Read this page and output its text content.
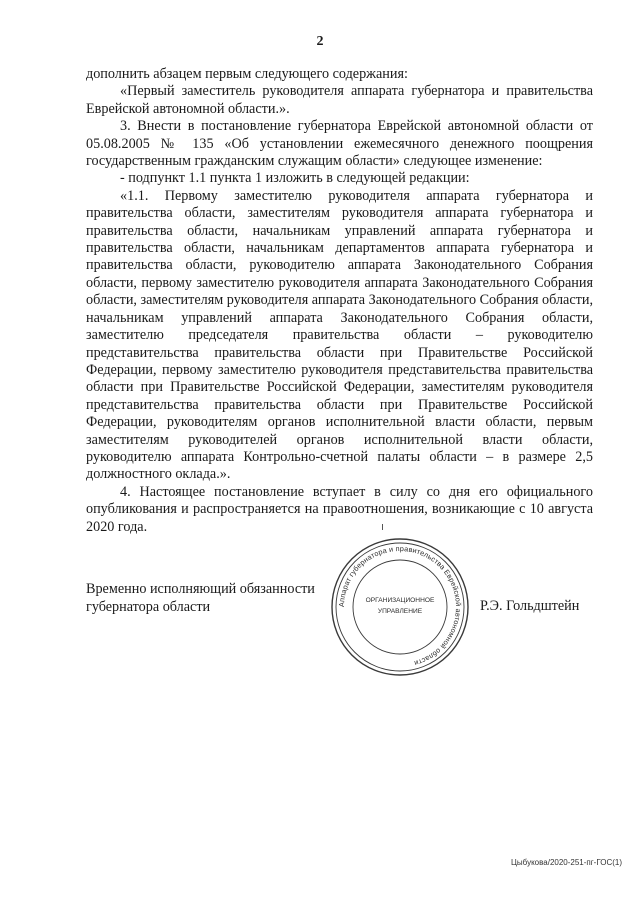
2

дополнить абзацем первым следующего содержания:

«Первый заместитель руководителя аппарата губернатора и правительства Еврейской автономной области.».

3. Внести в постановление губернатора Еврейской автономной области от 05.08.2005 № 135 «Об установлении ежемесячного денежного поощрения государственным гражданским служащим области» следующее изменение:

- подпункт 1.1 пункта 1 изложить в следующей редакции:

«1.1. Первому заместителю руководителя аппарата губернатора и правительства области, заместителям руководителя аппарата губернатора и правительства области, начальникам управлений аппарата губернатора и правительства области, начальникам департаментов аппарата губернатора и правительства области, руководителю аппарата Законодательного Собрания области, первому заместителю руководителя аппарата Законодательного Собрания области, заместителям руководителя аппарата Законодательного Собрания области, начальникам управлений аппарата Законодательного Собрания области, заместителю председателя правительства области – руководителю представительства правительства области при Правительстве Российской Федерации, первому заместителю руководителя представительства правительства области при Правительстве Российской Федерации, заместителям руководителя представительства правительства области при Правительстве Российской Федерации, руководителям органов исполнительной власти области, первым заместителям руководителей органов исполнительной власти области, руководителю аппарата Контрольно-счетной палаты области – в размере 2,5 должностного оклада.».

4. Настоящее постановление вступает в силу со дня его официального опубликования и распространяется на правоотношения, возникающие с 10 августа 2020 года.

Временно исполняющий обязанности
губернатора области	Аппарат губернатора и правительства Еврейской автономной области
ОРГАНИЗАЦИОННОЕ
УПРАВЛЕНИЕ	Р.Э. Гольдштейн
Цыбукова/2020-251-пг-ГОС(1)
